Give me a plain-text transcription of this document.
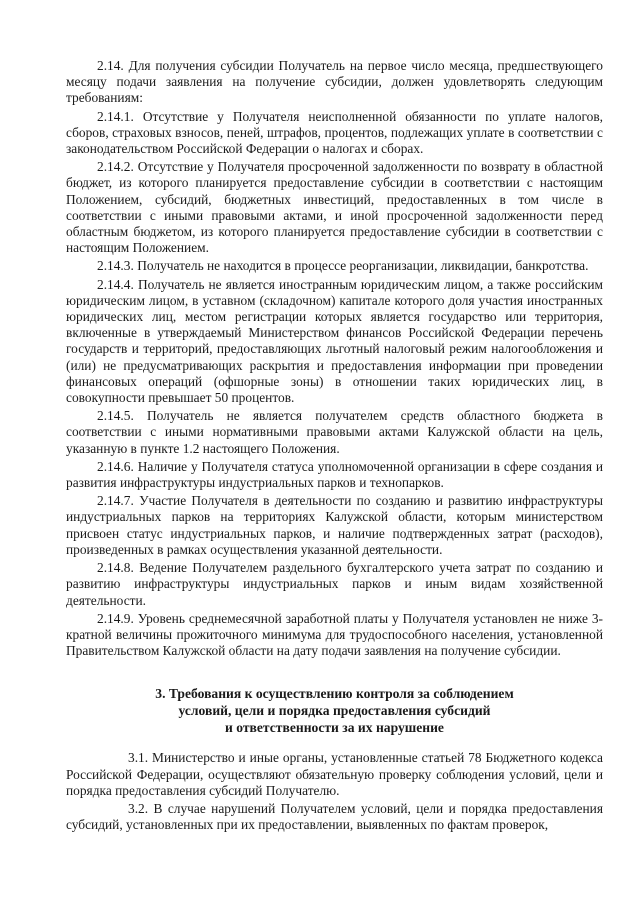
2.14. Для получения субсидии Получатель на первое число месяца, предшествующего месяцу подачи заявления на получение субсидии, должен удовлетворять следующим требованиям:

2.14.1. Отсутствие у Получателя неисполненной обязанности по уплате налогов, сборов, страховых взносов, пеней, штрафов, процентов, подлежащих уплате в соответствии с законодательством Российской Федерации о налогах и сборах.

2.14.2. Отсутствие у Получателя просроченной задолженности по возврату в областной бюджет, из которого планируется предоставление субсидии в соответствии с настоящим Положением, субсидий, бюджетных инвестиций, предоставленных в том числе в соответствии с иными правовыми актами, и иной просроченной задолженности перед областным бюджетом, из которого планируется предоставление субсидии в соответствии с настоящим Положением.

2.14.3. Получатель не находится в процессе реорганизации, ликвидации, банкротства.

2.14.4. Получатель не является иностранным юридическим лицом, а также российским юридическим лицом, в уставном (складочном) капитале которого доля участия иностранных юридических лиц, местом регистрации которых является государство или территория, включенные в утверждаемый Министерством финансов Российской Федерации перечень государств и территорий, предоставляющих льготный налоговый режим налогообложения и (или) не предусматривающих раскрытия и предоставления информации при проведении финансовых операций (офшорные зоны) в отношении таких юридических лиц, в совокупности превышает 50 процентов.

2.14.5. Получатель не является получателем средств областного бюджета в соответствии с иными нормативными правовыми актами Калужской области на цель, указанную в пункте 1.2 настоящего Положения.

2.14.6. Наличие у Получателя статуса уполномоченной организации в сфере создания и развития инфраструктуры индустриальных парков и технопарков.

2.14.7. Участие Получателя в деятельности по созданию и развитию инфраструктуры индустриальных парков на территориях Калужской области, которым министерством присвоен статус индустриальных парков, и наличие подтвержденных затрат (расходов), произведенных в рамках осуществления указанной деятельности.

2.14.8. Ведение Получателем раздельного бухгалтерского учета затрат по созданию и развитию инфраструктуры индустриальных парков и иным видам хозяйственной деятельности.

2.14.9. Уровень среднемесячной заработной платы у Получателя установлен не ниже 3-кратной величины прожиточного минимума для трудоспособного населения, установленной Правительством Калужской области на дату подачи заявления на получение субсидии.

3. Требования к осуществлению контроля за соблюдением
условий, цели и порядка предоставления субсидий
и ответственности за их нарушение

3.1. Министерство и иные органы, установленные статьей 78 Бюджетного кодекса Российской Федерации, осуществляют обязательную проверку соблюдения условий, цели и порядка предоставления субсидий Получателю.

3.2. В случае нарушений Получателем условий, цели и порядка предоставления субсидий, установленных при их предоставлении, выявленных по фактам проверок,
